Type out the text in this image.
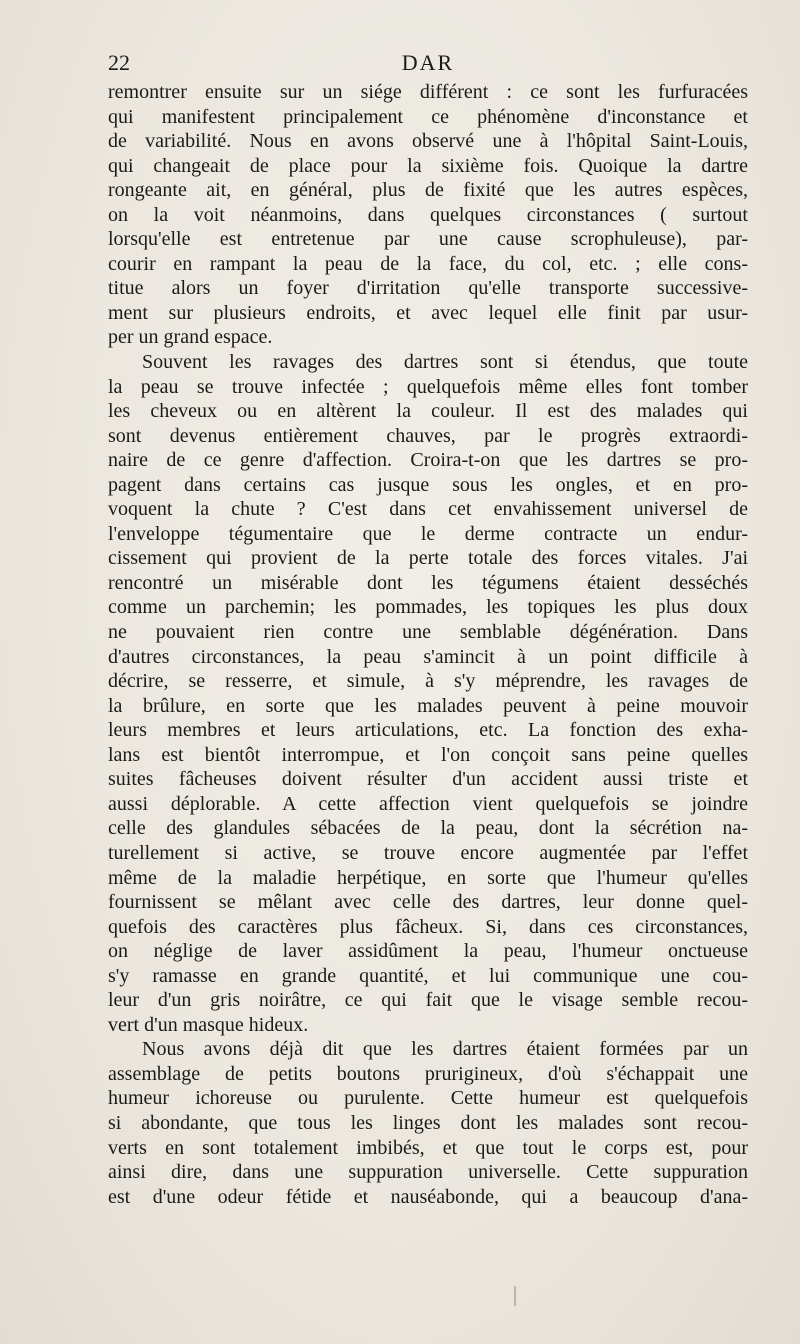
22	DAR
remontrer ensuite sur un siége différent : ce sont les furfuracées
qui manifestent principalement ce phénomène d'inconstance et
de variabilité. Nous en avons observé une à l'hôpital Saint-Louis,
qui changeait de place pour la sixième fois. Quoique la dartre
rongeante ait, en général, plus de fixité que les autres espèces,
on la voit néanmoins, dans quelques circonstances ( surtout
lorsqu'elle est entretenue par une cause scrophuleuse), par-
courir en rampant la peau de la face, du col, etc. ; elle cons-
titue alors un foyer d'irritation qu'elle transporte successive-
ment sur plusieurs endroits, et avec lequel elle finit par usur-
per un grand espace.
Souvent les ravages des dartres sont si étendus, que toute
la peau se trouve infectée ; quelquefois même elles font tomber
les cheveux ou en altèrent la couleur. Il est des malades qui
sont devenus entièrement chauves, par le progrès extraordi-
naire de ce genre d'affection. Croira-t-on que les dartres se pro-
pagent dans certains cas jusque sous les ongles, et en pro-
voquent la chute ? C'est dans cet envahissement universel de
l'enveloppe tégumentaire que le derme contracte un endur-
cissement qui provient de la perte totale des forces vitales. J'ai
rencontré un misérable dont les tégumens étaient desséchés
comme un parchemin; les pommades, les topiques les plus doux
ne pouvaient rien contre une semblable dégénération. Dans
d'autres circonstances, la peau s'amincit à un point difficile à
décrire, se resserre, et simule, à s'y méprendre, les ravages de
la brûlure, en sorte que les malades peuvent à peine mouvoir
leurs membres et leurs articulations, etc. La fonction des exha-
lans est bientôt interrompue, et l'on conçoit sans peine quelles
suites fâcheuses doivent résulter d'un accident aussi triste et
aussi déplorable. A cette affection vient quelquefois se joindre
celle des glandules sébacées de la peau, dont la sécrétion na-
turellement si active, se trouve encore augmentée par l'effet
même de la maladie herpétique, en sorte que l'humeur qu'elles
fournissent se mêlant avec celle des dartres, leur donne quel-
quefois des caractères plus fâcheux. Si, dans ces circonstances,
on néglige de laver assidûment la peau, l'humeur onctueuse
s'y ramasse en grande quantité, et lui communique une cou-
leur d'un gris noirâtre, ce qui fait que le visage semble recou-
vert d'un masque hideux.
Nous avons déjà dit que les dartres étaient formées par un
assemblage de petits boutons prurigineux, d'où s'échappait une
humeur ichoreuse ou purulente. Cette humeur est quelquefois
si abondante, que tous les linges dont les malades sont recou-
verts en sont totalement imbibés, et que tout le corps est, pour
ainsi dire, dans une suppuration universelle. Cette suppuration
est d'une odeur fétide et nauséabonde, qui a beaucoup d'ana-
